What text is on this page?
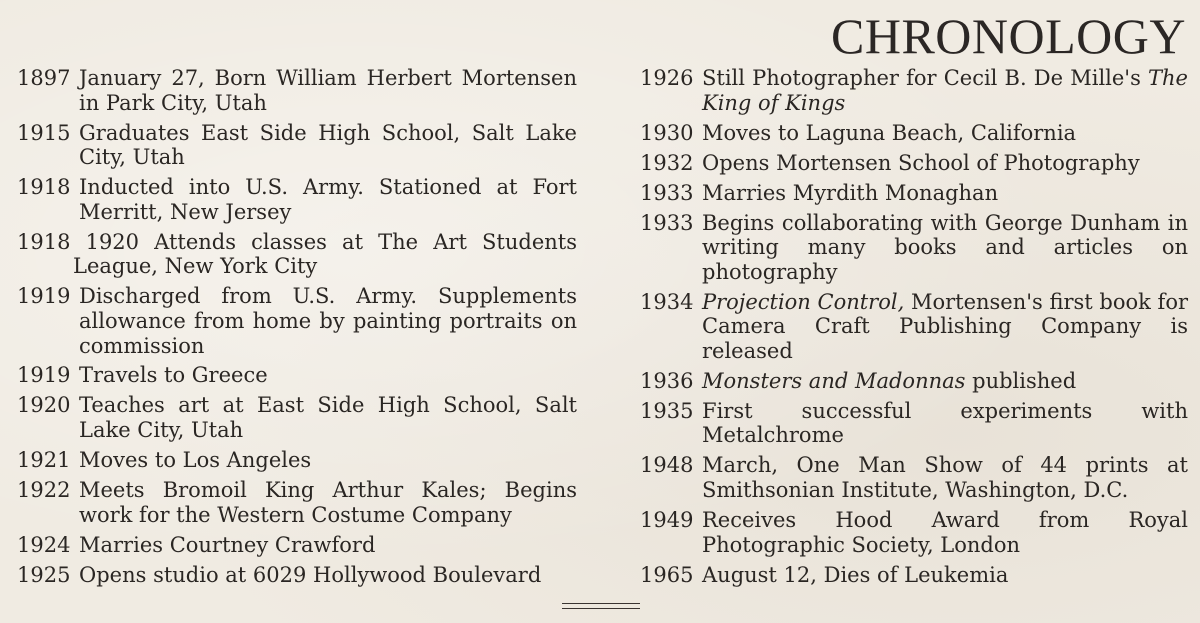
CHRONOLOGY
1897 January 27, Born William Herbert Mortensen in Park City, Utah
1915 Graduates East Side High School, Salt Lake City, Utah
1918 Inducted into U.S. Army. Stationed at Fort Merritt, New Jersey
1918 1920 Attends classes at The Art Students League, New York City
1919 Discharged from U.S. Army. Supplements allowance from home by painting portraits on commission
1919 Travels to Greece
1920 Teaches art at East Side High School, Salt Lake City, Utah
1921 Moves to Los Angeles
1922 Meets Bromoil King Arthur Kales; Begins work for the Western Costume Company
1924 Marries Courtney Crawford
1925 Opens studio at 6029 Hollywood Boulevard
1926 Still Photographer for Cecil B. De Mille's The King of Kings
1930 Moves to Laguna Beach, California
1932 Opens Mortensen School of Photography
1933 Marries Myrdith Monaghan
1933 Begins collaborating with George Dunham in writing many books and articles on photography
1934 Projection Control, Mortensen's first book for Camera Craft Publishing Company is released
1936 Monsters and Madonnas published
1935 First successful experiments with Metalchrome
1948 March, One Man Show of 44 prints at Smithsonian Institute, Washington, D.C.
1949 Receives Hood Award from Royal Photographic Society, London
1965 August 12, Dies of Leukemia
